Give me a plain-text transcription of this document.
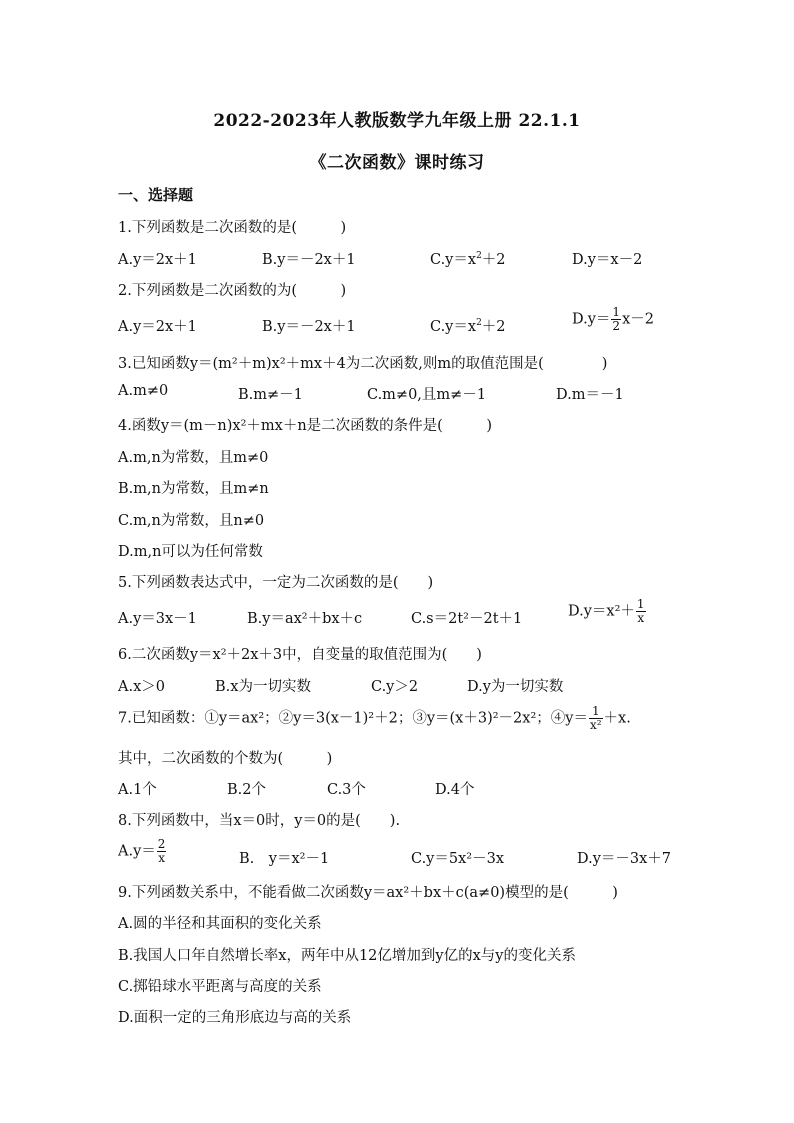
2022-2023年人教版数学九年级上册 22.1.1
《二次函数》课时练习
一、选择题
1.下列函数是二次函数的是(　　　)
A.y＝2x＋1	B.y＝－2x＋1	$C.y=x^2+2$	D.y＝x－2
2.下列函数是二次函数的为(　　　)
A.y＝2x＋1	B.y＝－2x＋1	$C.y=x^2+2$	$D.y= \frac{1}{2} x-2$
3.已知函数y＝(m²＋m)x²＋mx＋4为二次函数,则m的取值范围是(　　　　)
A.m≠0	B.m≠－1	C.m≠0,且m≠－1	D.m＝－1
4.函数y＝(m－n)x²＋mx＋n是二次函数的条件是(　　　)
A.m,n为常数，且m≠0
B.m,n为常数，且m≠n
C.m,n为常数，且n≠0
D.m,n可以为任何常数
5.下列函数表达式中，一定为二次函数的是(　　)
A.y＝3x－1	B.y＝ax²＋bx＋c	C.s＝2t²－2t＋1	$D.y=x^2+ \frac{1}{x}$
6.二次函数y＝x²＋2x＋3中，自变量的取值范围为(　　)
A.x＞0	B.x为一切实数	C.y＞2	D.y为一切实数
7.已知函数：①y＝ax²；②y＝3(x－1)²＋2；③y＝(x＋3)²－2x²；④y＝ $\frac{1}{\text{x²}} +x$.
其中，二次函数的个数为(　　　)
A.1个	B.2个	C.3个	D.4个
8.下列函数中，当x＝0时，y＝0的是(　　).
$A.y= \frac{2}{x}$	B.　y＝x²－1	C.y＝5x²－3x	D.y＝－3x＋7
9.下列函数关系中，不能看做二次函数y＝ax²＋bx＋c(a≠0)模型的是(　　　)
A.圆的半径和其面积的变化关系
B.我国人口年自然增长率x，两年中从12亿增加到y亿的x与y的变化关系
C.掷铅球水平距离与高度的关系
D.面积一定的三角形底边与高的关系
